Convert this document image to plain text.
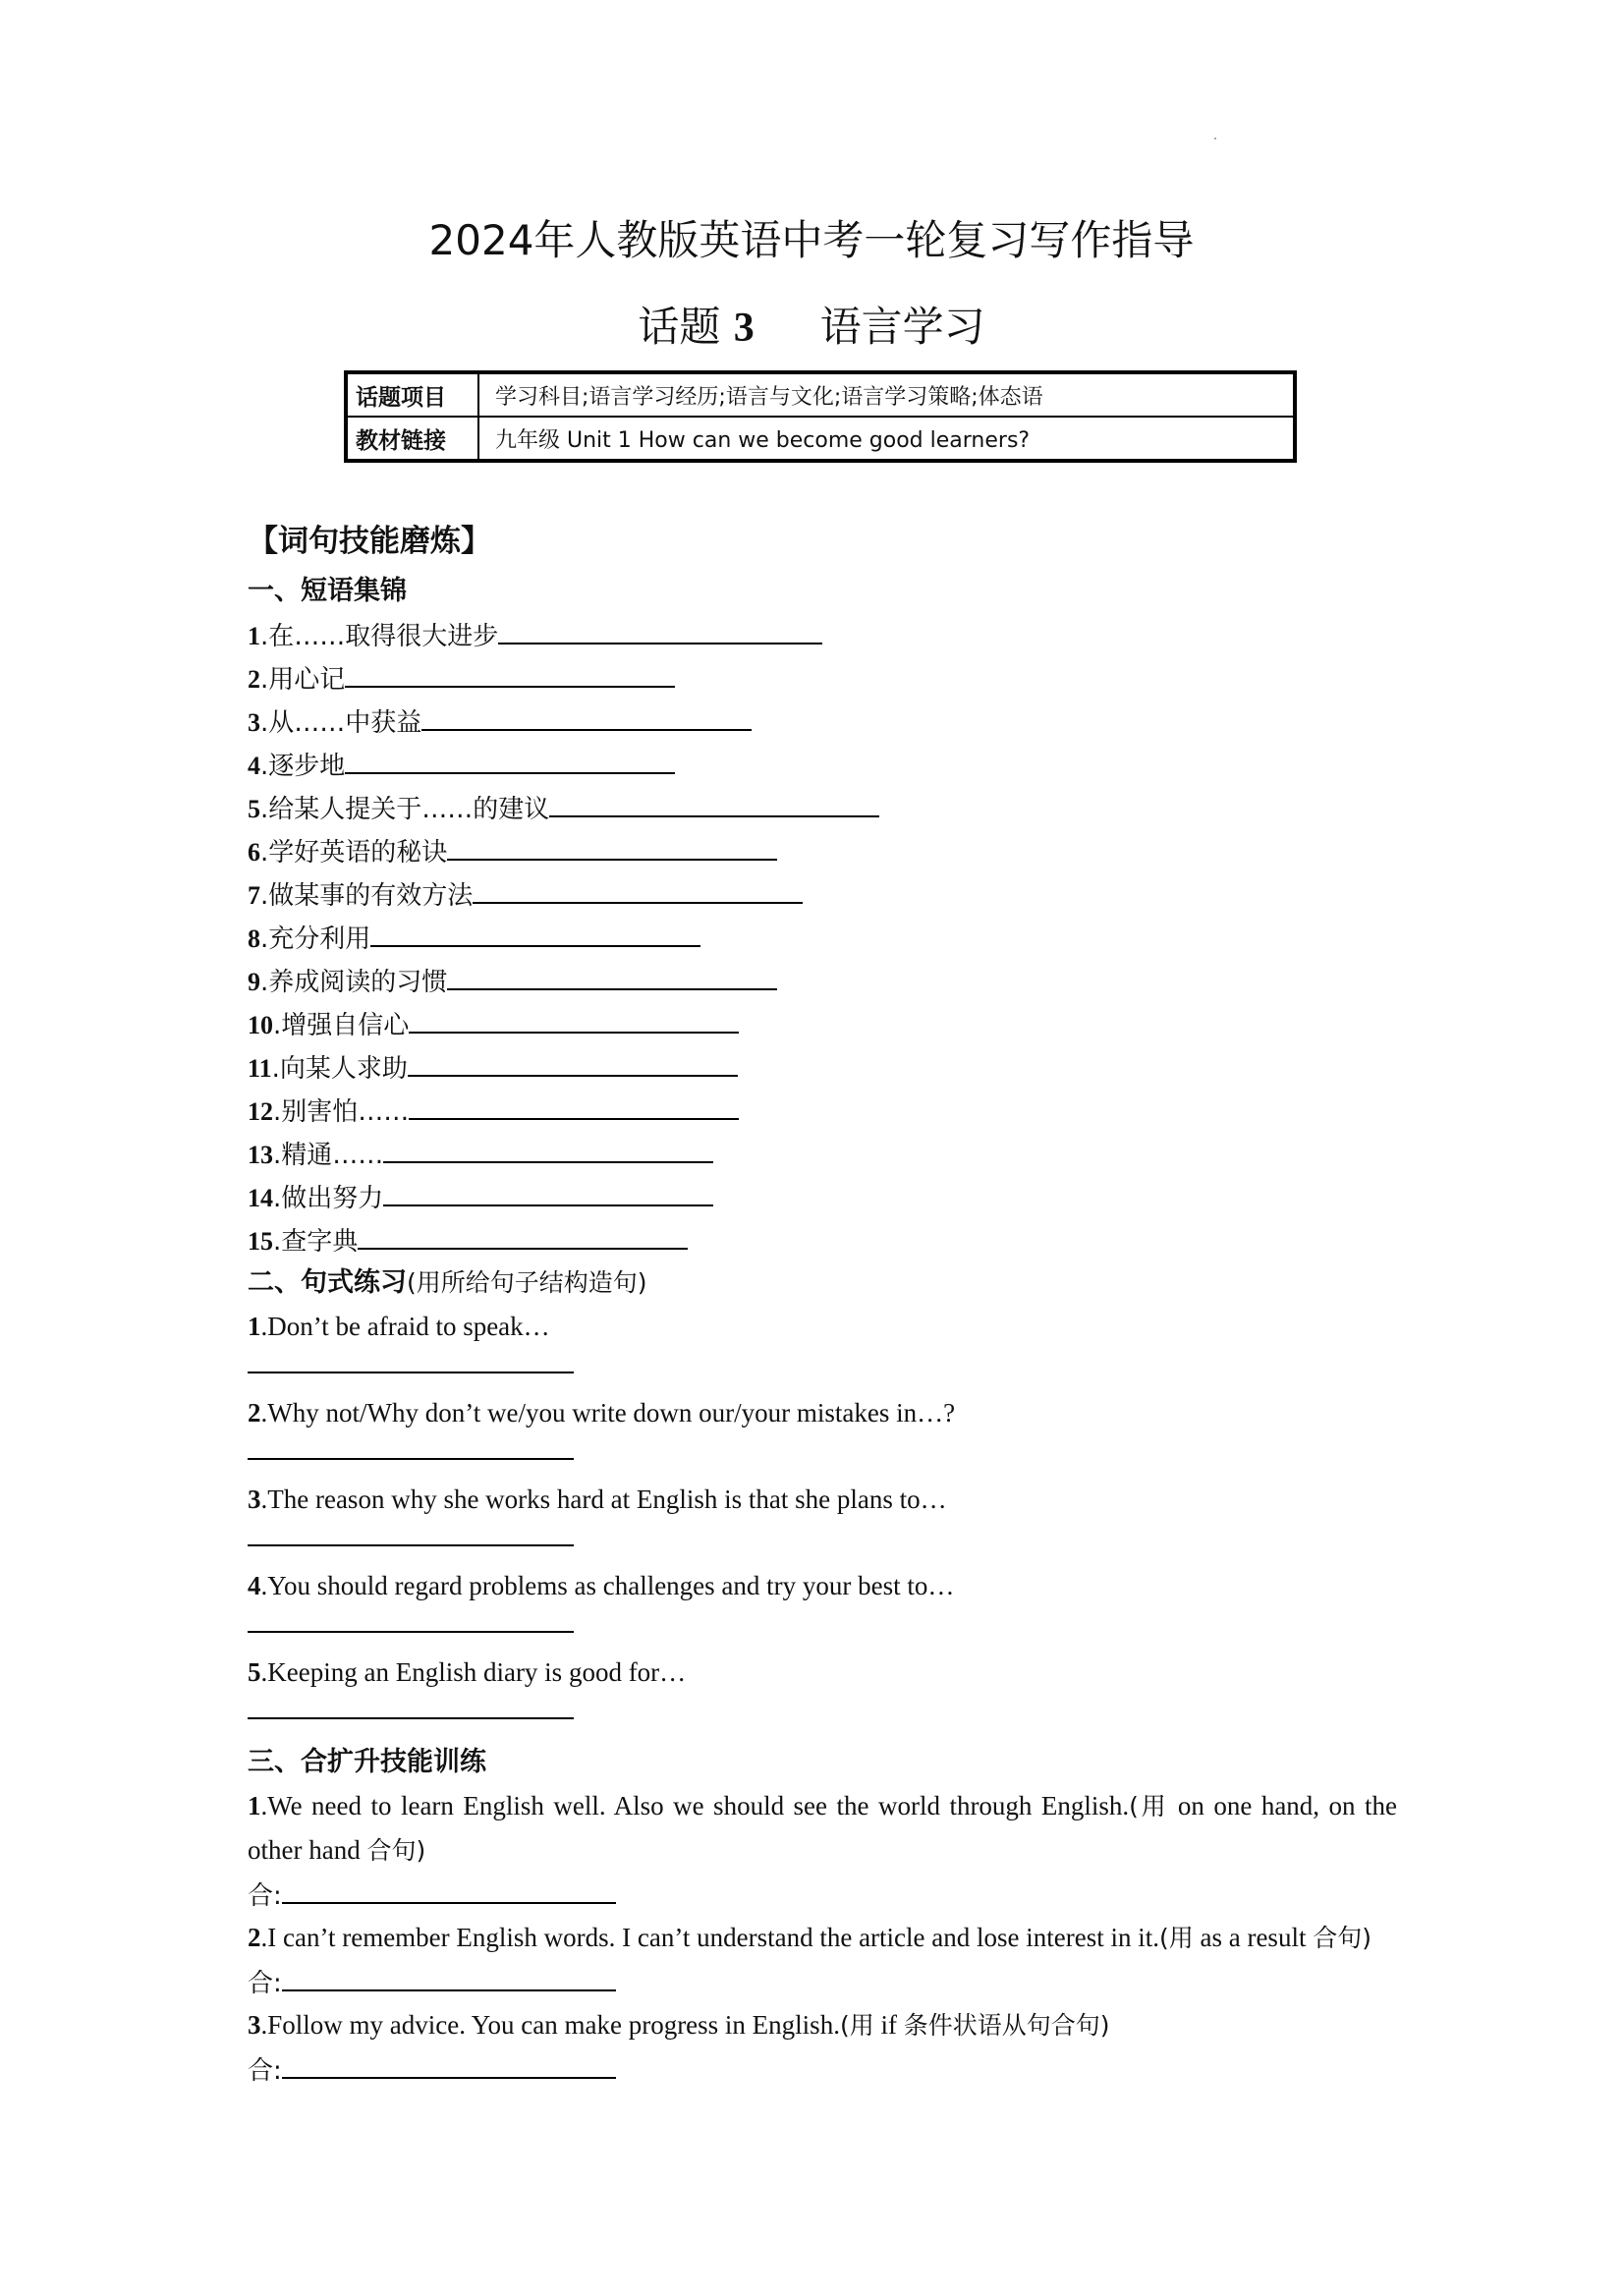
2024年人教版英语中考一轮复习写作指导
话题 3 语言学习
话题项目	学习科目;语言学习经历;语言与文化;语言学习策略;体态语
教材链接	九年级 Unit 1 How can we become good learners?
【词句技能磨炼】
一、短语集锦
1.在……取得很大进步
2.用心记
3.从……中获益
4.逐步地
5.给某人提关于……的建议
6.学好英语的秘诀
7.做某事的有效方法
8.充分利用
9.养成阅读的习惯
10.增强自信心
11.向某人求助
12.别害怕……
13.精通……
14.做出努力
15.查字典
二、句式练习(用所给句子结构造句)
1.Don’t be afraid to speak…
2.Why not/Why don’t we/you write down our/your mistakes in…?
3.The reason why she works hard at English is that she plans to…
4.You should regard problems as challenges and try your best to…
5.Keeping an English diary is good for…
三、合扩升技能训练
1.We need to learn English well. Also we should see the world through English.(用 on one hand, on the other hand 合句)
合:
2.I can’t remember English words. I can’t understand the article and lose interest in it.(用 as a result 合句)
合:
3.Follow my advice. You can make progress in English.(用 if 条件状语从句合句)
合:
